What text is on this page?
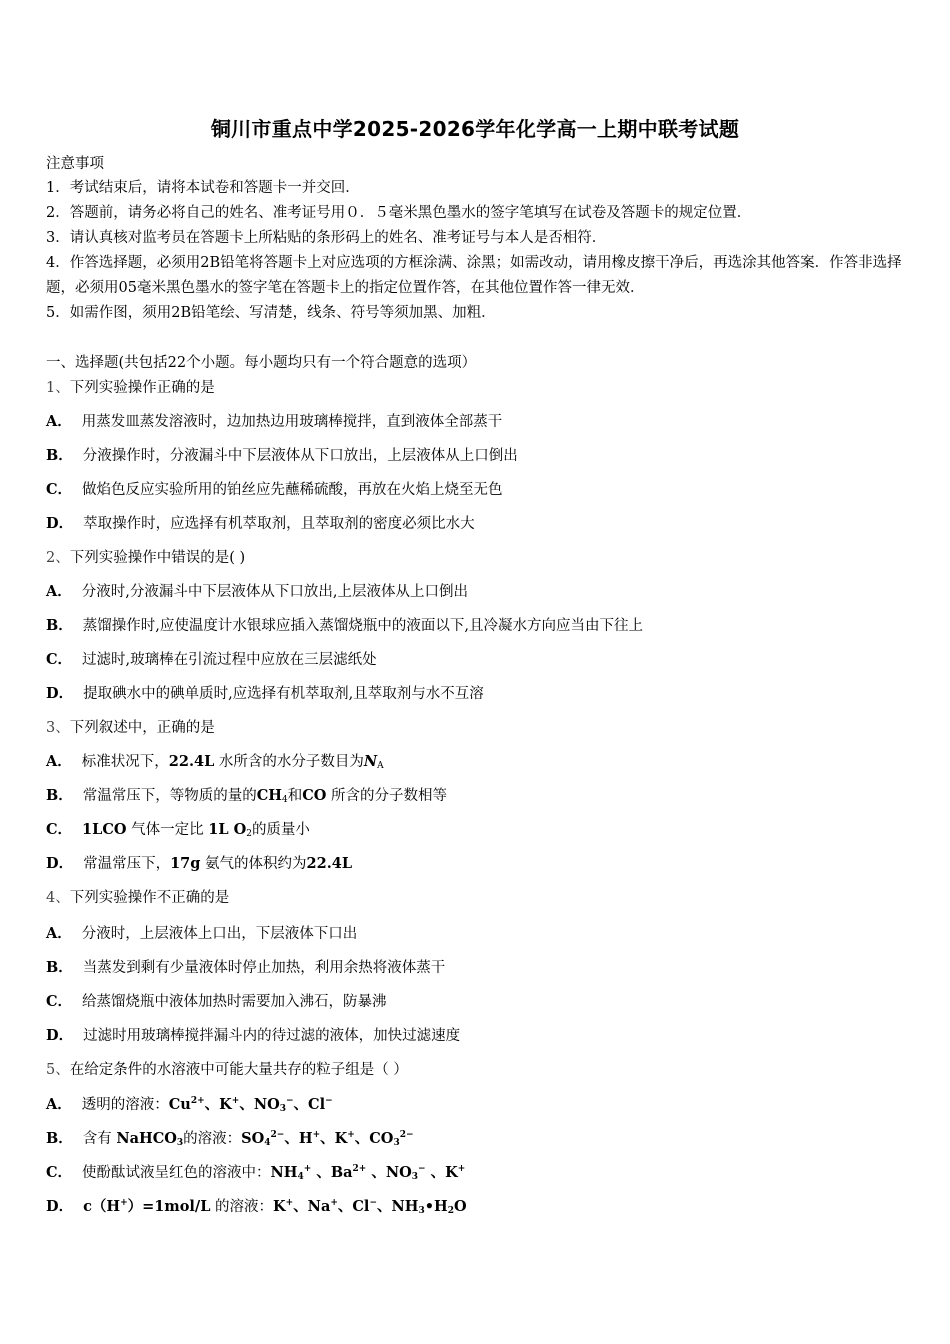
铜川市重点中学2025-2026学年化学高一上期中联考试题
注意事项
1．考试结束后，请将本试卷和答题卡一并交回．
2．答题前，请务必将自己的姓名、准考证号用０．５毫米黑色墨水的签字笔填写在试卷及答题卡的规定位置．
3．请认真核对监考员在答题卡上所粘贴的条形码上的姓名、准考证号与本人是否相符．
4．作答选择题，必须用2B铅笔将答题卡上对应选项的方框涂满、涂黑；如需改动，请用橡皮擦干净后，再选涂其他答案．作答非选择题，必须用05毫米黑色墨水的签字笔在答题卡上的指定位置作答，在其他位置作答一律无效．
5．如需作图，须用2B铅笔绘、写清楚，线条、符号等须加黑、加粗．
一、选择题(共包括22个小题。每小题均只有一个符合题意的选项）
1、下列实验操作正确的是
A． 用蒸发皿蒸发溶液时，边加热边用玻璃棒搅拌，直到液体全部蒸干
B． 分液操作时，分液漏斗中下层液体从下口放出，上层液体从上口倒出
C． 做焰色反应实验所用的铂丝应先蘸稀硫酸，再放在火焰上烧至无色
D． 萃取操作时，应选择有机萃取剂，且萃取剂的密度必须比水大
2、下列实验操作中错误的是( )
A． 分液时,分液漏斗中下层液体从下口放出,上层液体从上口倒出
B． 蒸馏操作时,应使温度计水银球应插入蒸馏烧瓶中的液面以下,且冷凝水方向应当由下往上
C． 过滤时,玻璃棒在引流过程中应放在三层滤纸处
D． 提取碘水中的碘单质时,应选择有机萃取剂,且萃取剂与水不互溶
3、下列叙述中，正确的是
A． 标准状况下，22.4L 水所含的水分子数目为$N_A$
B． 常温常压下，等物质的量的$CH_4$和CO 所含的分子数相等
C． 1LCO 气体一定比 1L $O_2$的质量小
D． 常温常压下，17g 氨气的体积约为22.4L
4、下列实验操作不正确的是
A． 分液时，上层液体上口出，下层液体下口出
B． 当蒸发到剩有少量液体时停止加热，利用余热将液体蒸干
C． 给蒸馏烧瓶中液体加热时需要加入沸石，防暴沸
D． 过滤时用玻璃棒搅拌漏斗内的待过滤的液体，加快过滤速度
5、在给定条件的水溶液中可能大量共存的粒子组是（ ）
A． 透明的溶液：$Cu^{2+}$、K+、$NO_3^-$、Cl−
B． 含有 NaHCO$_3$的溶液：$SO_4^{2-}$、H+、K+、$CO_3^{2-}$
C． 使酚酞试液呈红色的溶液中：$NH_4^+$ 、$Ba^{2+}$ 、$NO_3^-$ 、K+
D． c（H+）=1mol/L 的溶液：K+、Na+、Cl−、$NH_3•H_2O$
